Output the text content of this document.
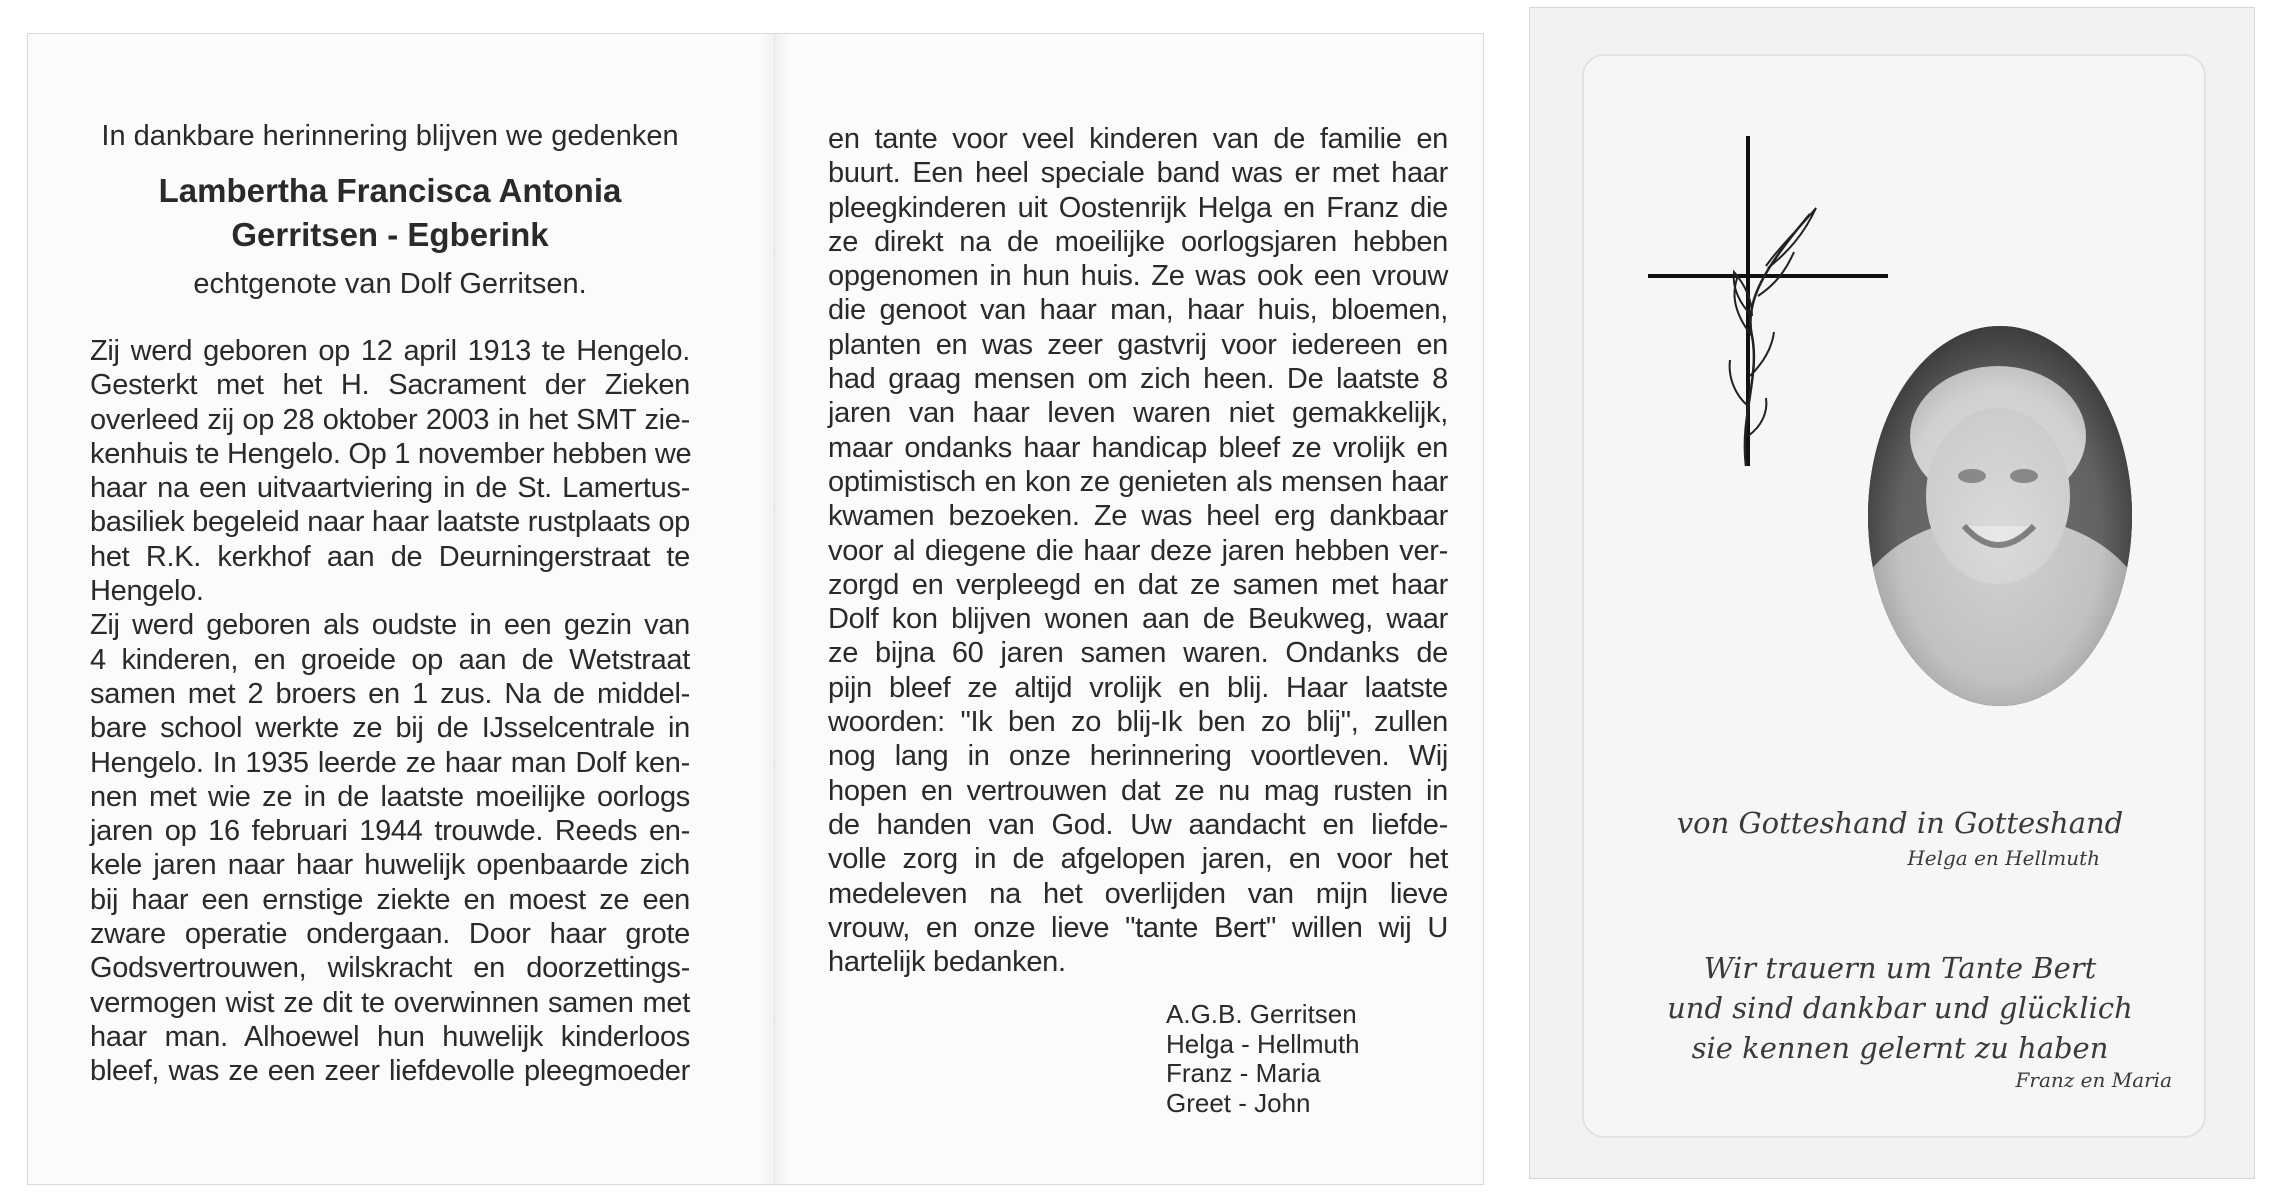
In dankbare herinnering blijven we gedenken
Lambertha Francisca Antonia
Gerritsen - Egberink
echtgenote van Dolf Gerritsen.
Zij werd geboren op 12 april 1913 te Hengelo.
Gesterkt met het H. Sacrament der Zieken
overleed zij op 28 oktober 2003 in het SMT zie-
kenhuis te Hengelo. Op 1 november hebben we
haar na een uitvaartviering in de St. Lamertus-
basiliek begeleid naar haar laatste rustplaats op
het R.K. kerkhof aan de Deurningerstraat te
Hengelo.
Zij werd geboren als oudste in een gezin van
4 kinderen, en groeide op aan de Wetstraat
samen met 2 broers en 1 zus. Na de middel-
bare school werkte ze bij de IJsselcentrale in
Hengelo. In 1935 leerde ze haar man Dolf ken-
nen met wie ze in de laatste moeilijke oorlogs
jaren op 16 februari 1944 trouwde. Reeds en-
kele jaren naar haar huwelijk openbaarde zich
bij haar een ernstige ziekte en moest ze een
zware operatie ondergaan. Door haar grote
Godsvertrouwen, wilskracht en doorzettings-
vermogen wist ze dit te overwinnen samen met
haar man. Alhoewel hun huwelijk kinderloos
bleef, was ze een zeer liefdevolle pleegmoeder
en tante voor veel kinderen van de familie en
buurt. Een heel speciale band was er met haar
pleegkinderen uit Oostenrijk Helga en Franz die
ze direkt na de moeilijke oorlogsjaren hebben
opgenomen in hun huis. Ze was ook een vrouw
die genoot van haar man, haar huis, bloemen,
planten en was zeer gastvrij voor iedereen en
had graag mensen om zich heen. De laatste 8
jaren van haar leven waren niet gemakkelijk,
maar ondanks haar handicap bleef ze vrolijk en
optimistisch en kon ze genieten als mensen haar
kwamen bezoeken. Ze was heel erg dankbaar
voor al diegene die haar deze jaren hebben ver-
zorgd en verpleegd en dat ze samen met haar
Dolf kon blijven wonen aan de Beukweg, waar
ze bijna 60 jaren samen waren. Ondanks de
pijn bleef ze altijd vrolijk en blij. Haar laatste
woorden: "Ik ben zo blij-Ik ben zo blij", zullen
nog lang in onze herinnering voortleven. Wij
hopen en vertrouwen dat ze nu mag rusten in
de handen van God. Uw aandacht en liefde-
volle zorg in de afgelopen jaren, en voor het
medeleven na het overlijden van mijn lieve
vrouw, en onze lieve "tante Bert" willen wij U
hartelijk bedanken.
A.G.B. Gerritsen
Helga - Hellmuth
Franz - Maria
Greet - John
von Gotteshand in Gotteshand
Helga en Hellmuth
Wir trauern um Tante Bert
und sind dankbar und glücklich
sie kennen gelernt zu haben
Franz en Maria
